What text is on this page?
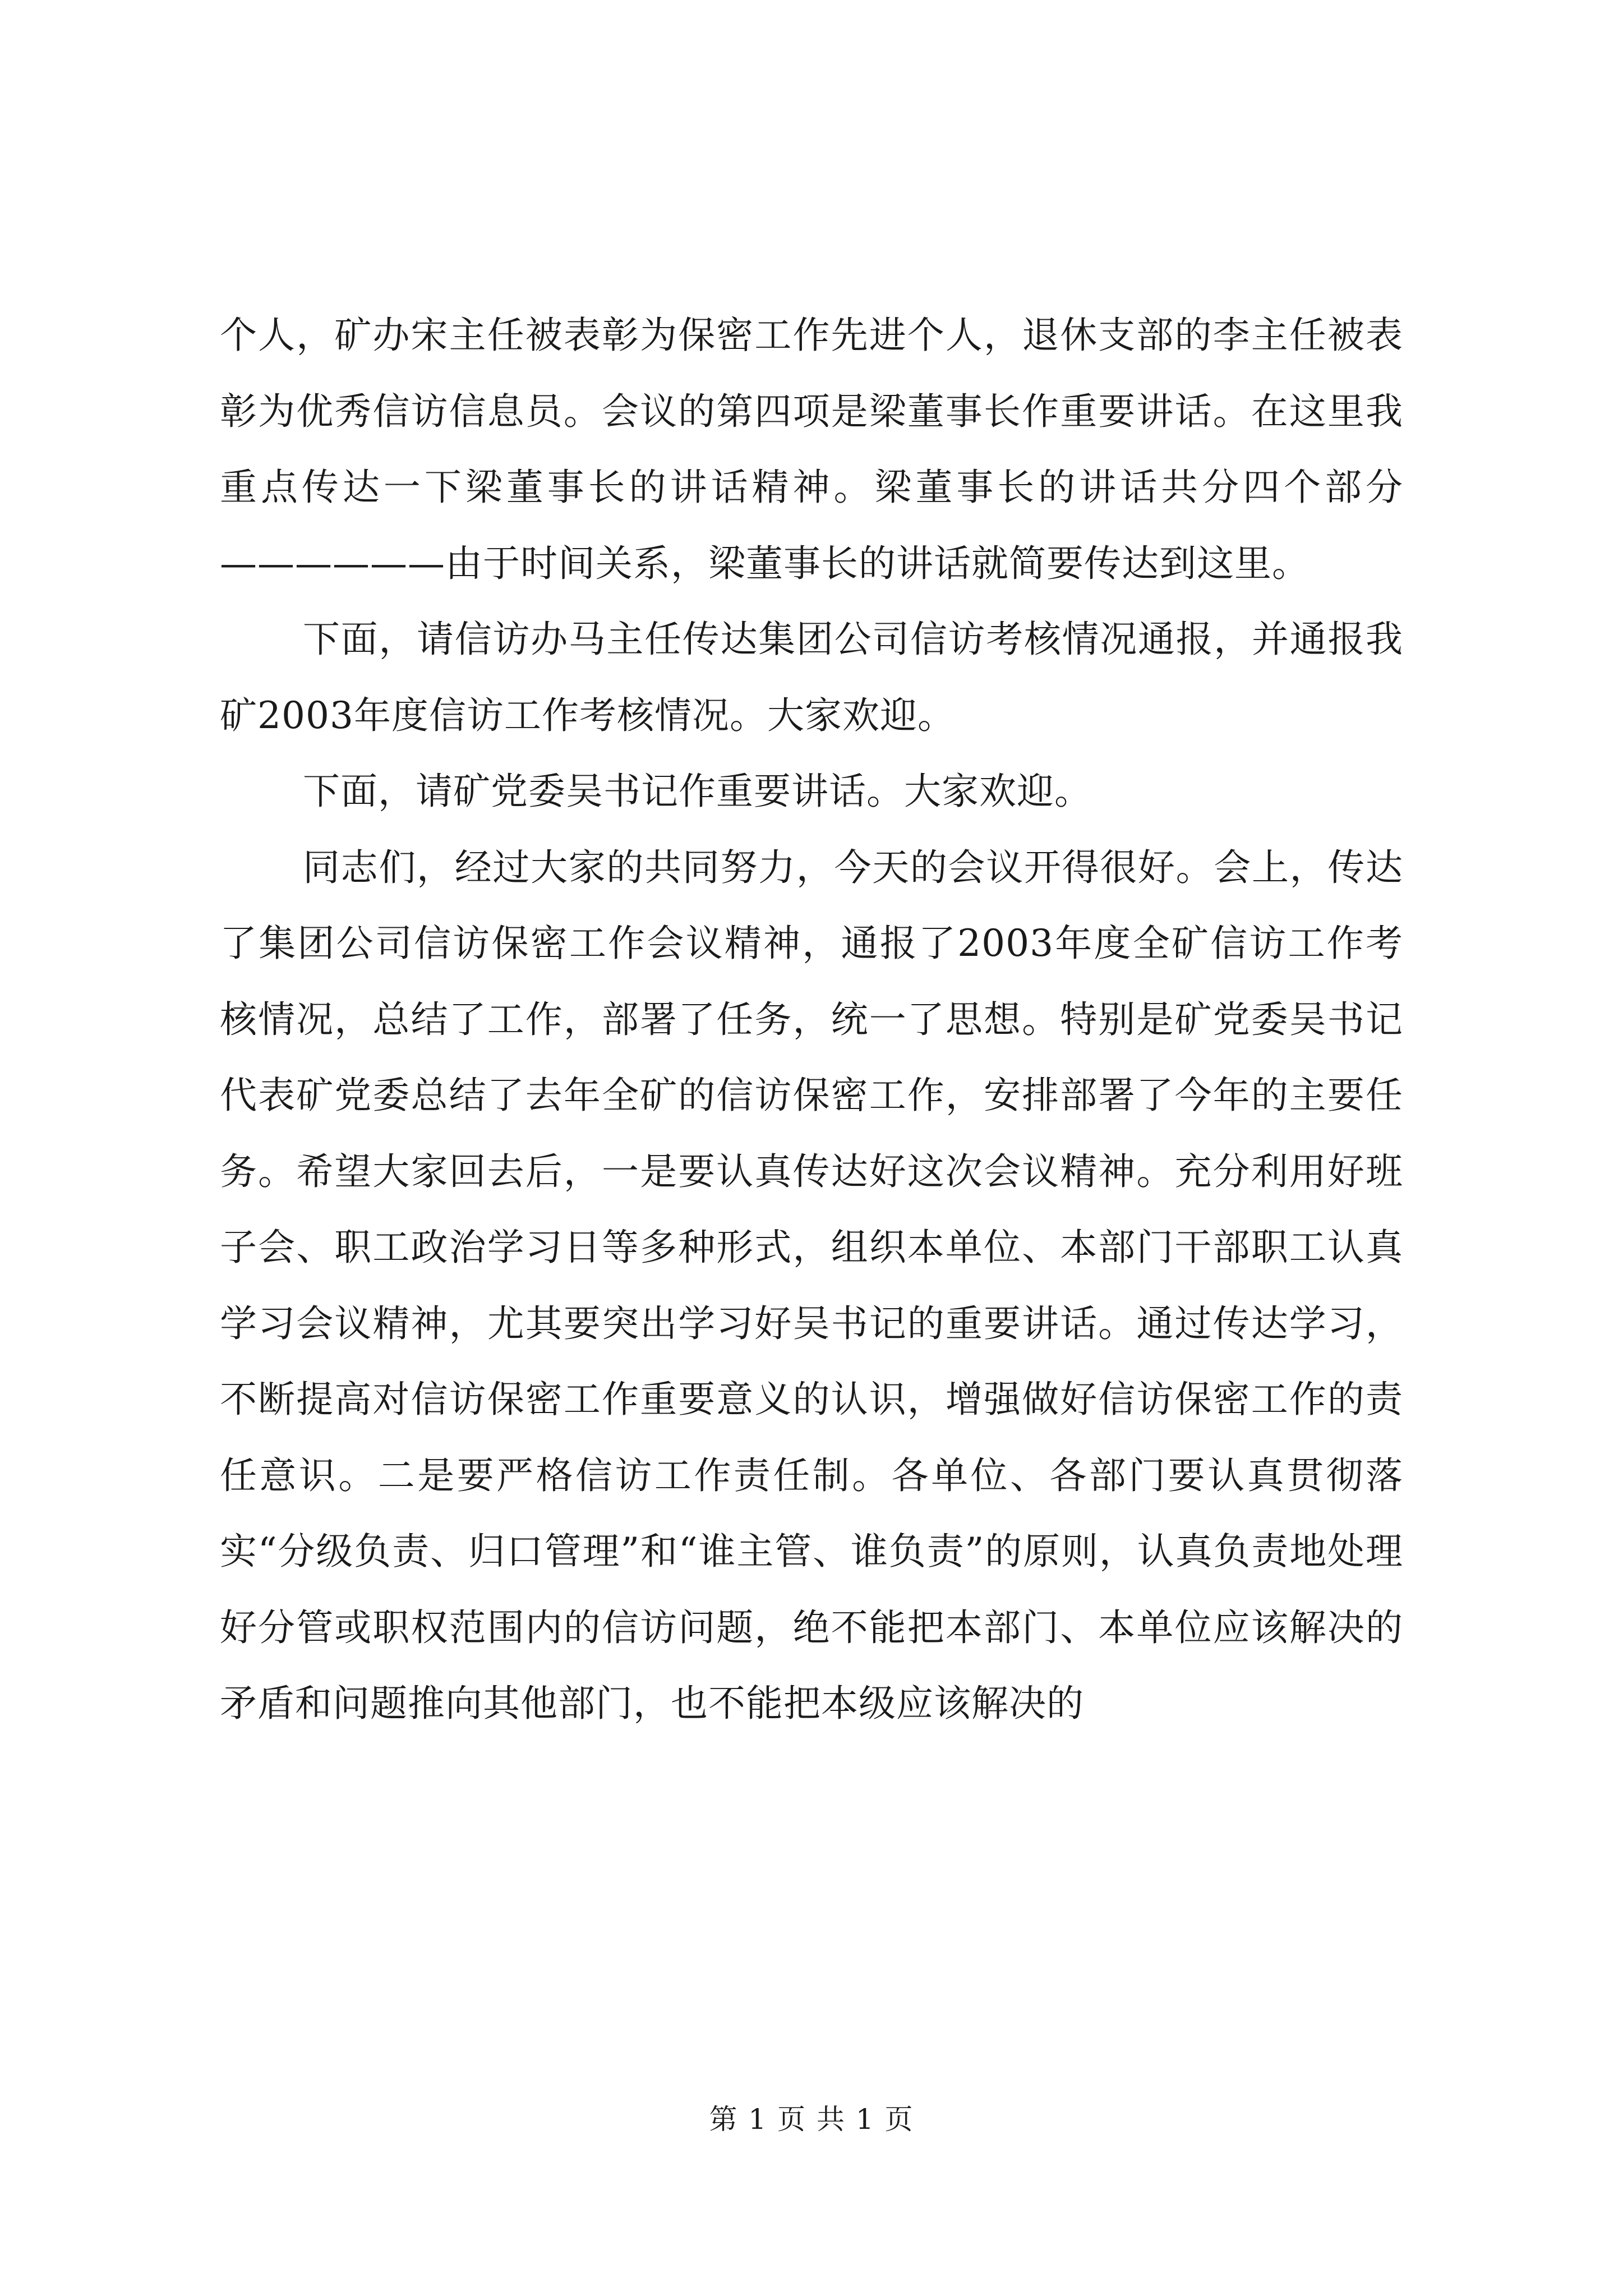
个人，矿办宋主任被表彰为保密工作先进个人，退休支部的李主任被表彰为优秀信访信息员。会议的第四项是梁董事长作重要讲话。在这里我重点传达一下梁董事长的讲话精神。梁董事长的讲话共分四个部分——————由于时间关系，梁董事长的讲话就简要传达到这里。

下面，请信访办马主任传达集团公司信访考核情况通报，并通报我矿2003年度信访工作考核情况。大家欢迎。

下面，请矿党委吴书记作重要讲话。大家欢迎。

同志们，经过大家的共同努力，今天的会议开得很好。会上，传达了集团公司信访保密工作会议精神，通报了2003年度全矿信访工作考核情况，总结了工作，部署了任务，统一了思想。特别是矿党委吴书记代表矿党委总结了去年全矿的信访保密工作，安排部署了今年的主要任务。希望大家回去后，一是要认真传达好这次会议精神。充分利用好班子会、职工政治学习日等多种形式，组织本单位、本部门干部职工认真学习会议精神，尤其要突出学习好吴书记的重要讲话。通过传达学习，不断提高对信访保密工作重要意义的认识，增强做好信访保密工作的责任意识。二是要严格信访工作责任制。各单位、各部门要认真贯彻落实“分级负责、归口管理”和“谁主管、谁负责”的原则，认真负责地处理好分管或职权范围内的信访问题，绝不能把本部门、本单位应该解决的矛盾和问题推向其他部门，也不能把本级应该解决的

第 1 页 共 1 页
